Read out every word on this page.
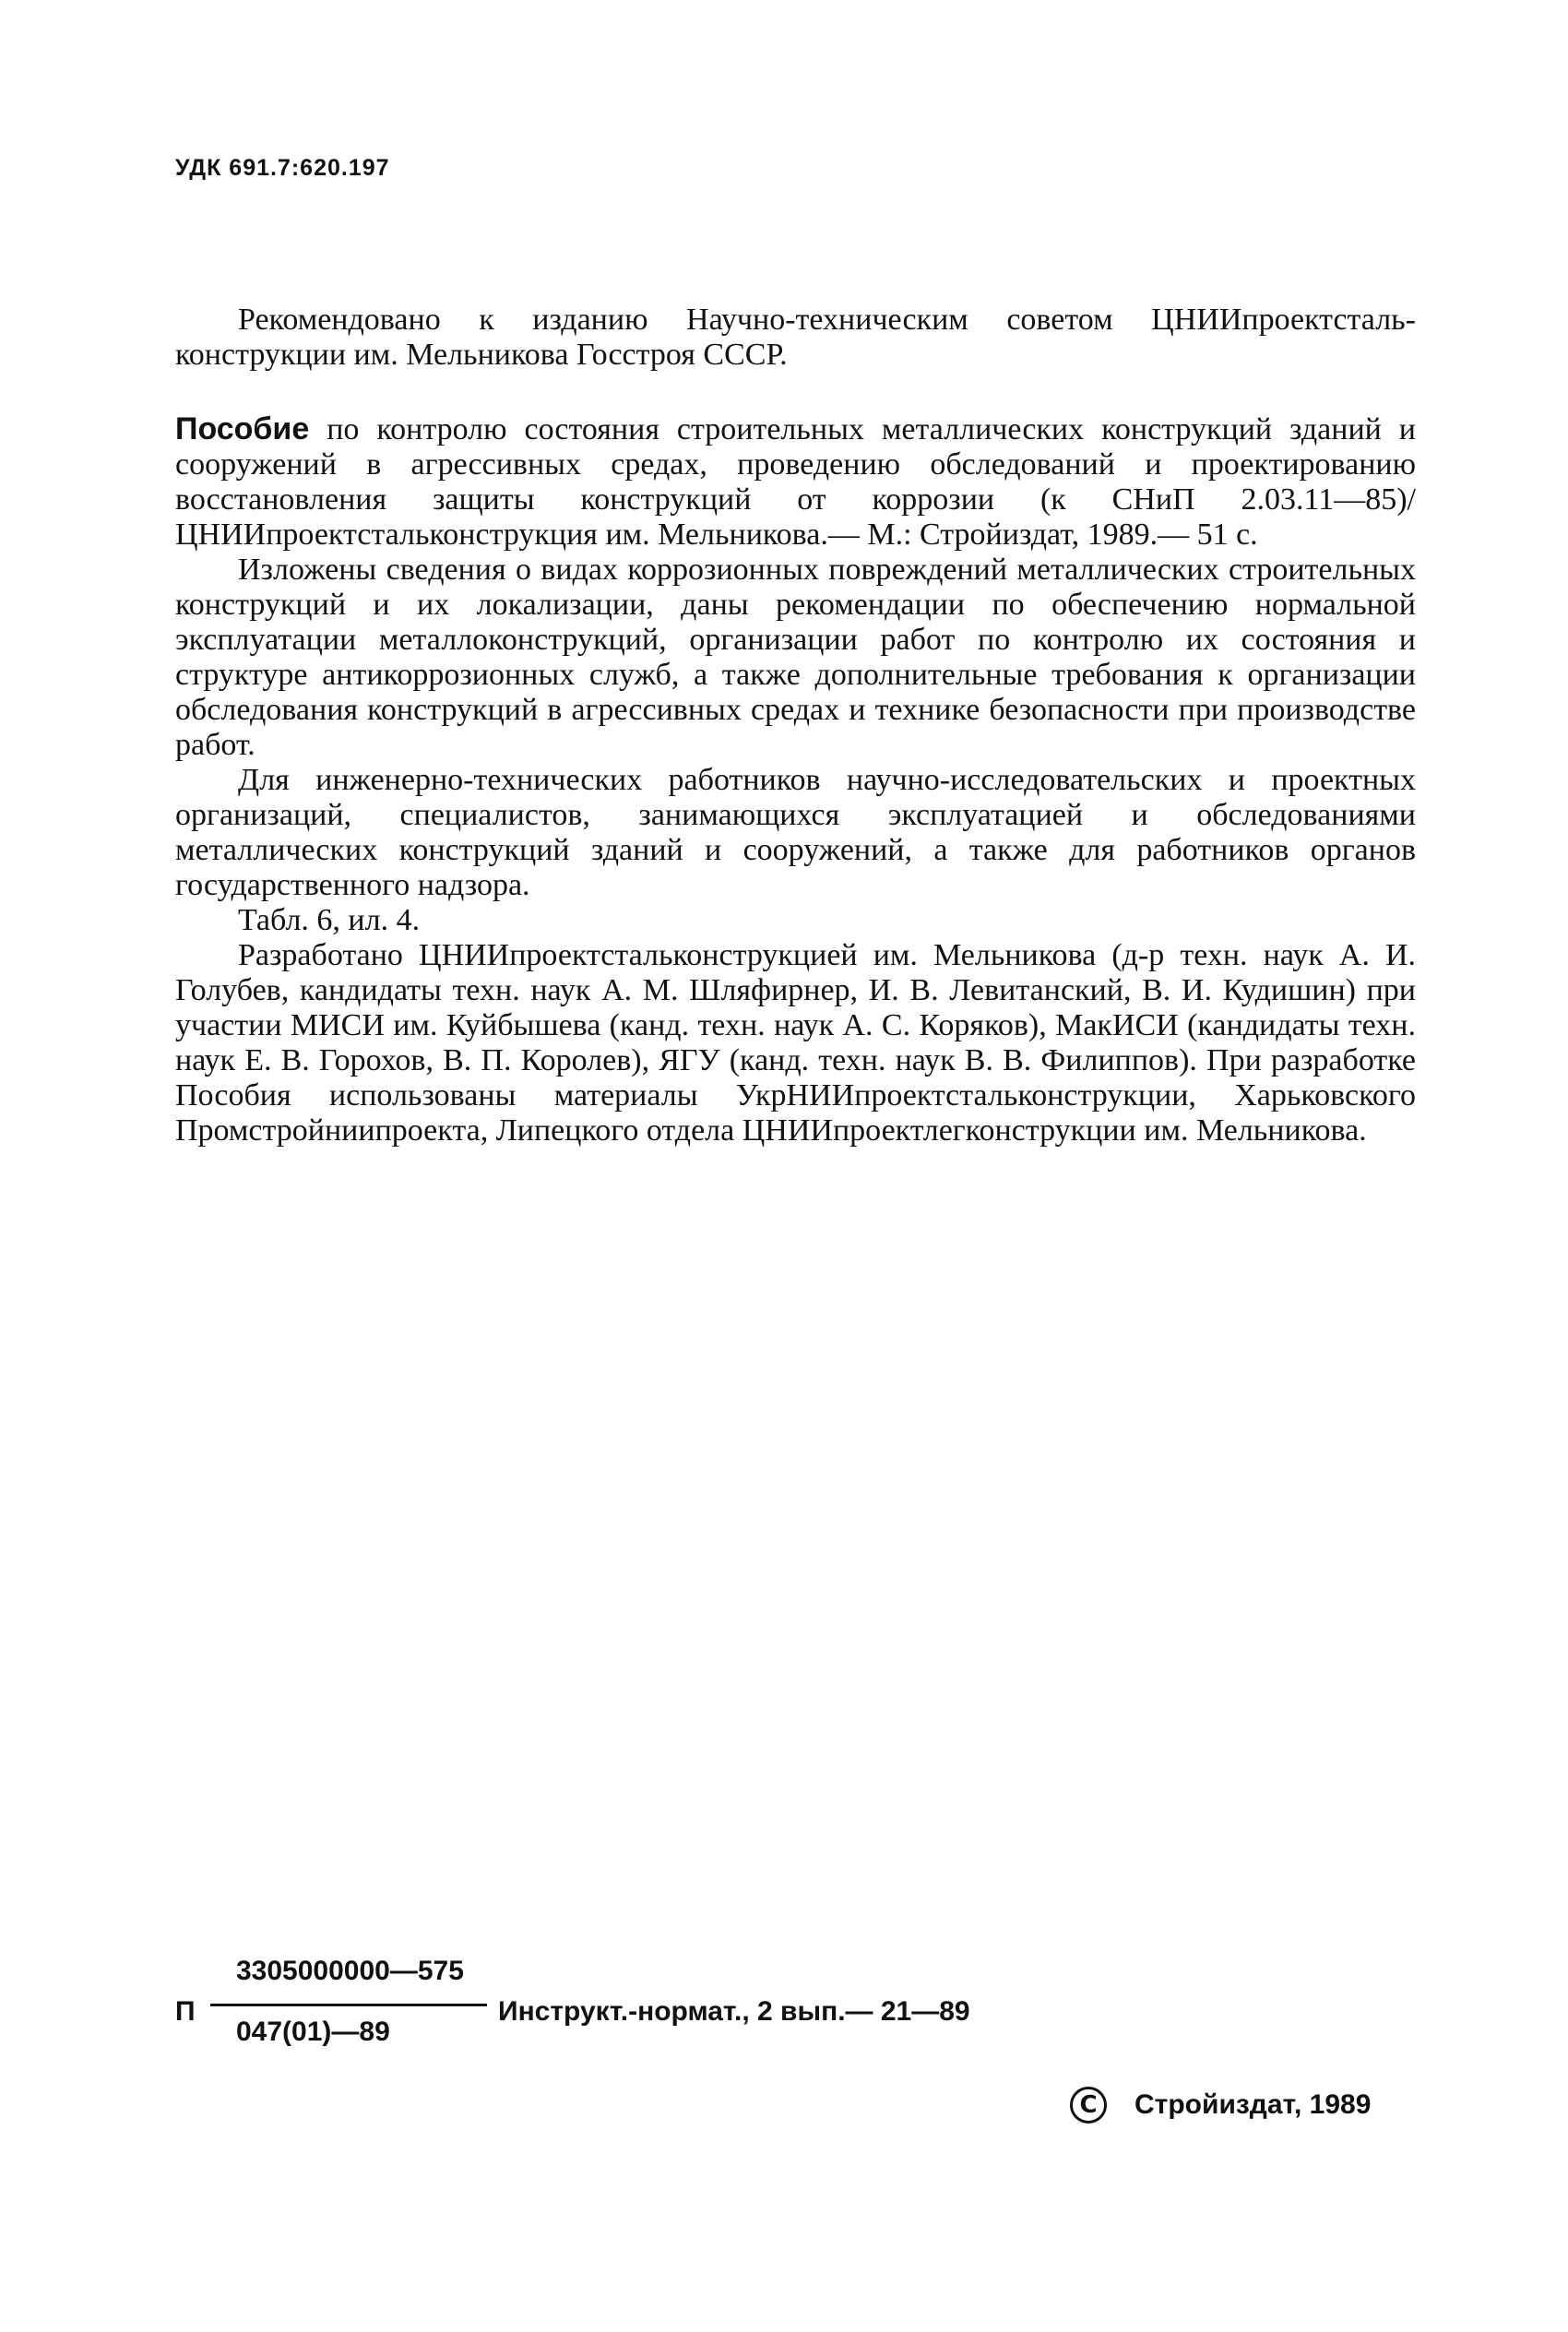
УДК 691.7:620.197

Рекомендовано к изданию Научно-техническим советом ЦНИИпроектсталь-конструкции им. Мельникова Госстроя СССР.

Пособие по контролю состояния строительных металлических конструкций зданий и сооружений в агрессивных средах, проведению обследований и проектированию восстановления защиты конструкций от коррозии (к СНиП 2.03.11—85)/ЦНИИпроектстальконструкция им. Мельникова.— М.: Стройиздат, 1989.— 51 с.

Изложены сведения о видах коррозионных повреждений металлических строительных конструкций и их локализации, даны рекомендации по обеспечению нормальной эксплуатации металлоконструкций, организации работ по контролю их состояния и структуре антикоррозионных служб, а также дополнительные требования к организации обследования конструкций в агрессивных средах и технике безопасности при производстве работ.

Для инженерно-технических работников научно-исследовательских и проектных организаций, специалистов, занимающихся эксплуатацией и обследованиями металлических конструкций зданий и сооружений, а также для работников органов государственного надзора.

Табл. 6, ил. 4.

Разработано ЦНИИпроектстальконструкцией им. Мельникова (д-р техн. наук А. И. Голубев, кандидаты техн. наук А. М. Шляфирнер, И. В. Левитанский, В. И. Кудишин) при участии МИСИ им. Куйбышева (канд. техн. наук А. С. Коряков), МакИСИ (кандидаты техн. наук Е. В. Горохов, В. П. Королев), ЯГУ (канд. техн. наук В. В. Филиппов). При разработке Пособия использованы материалы УкрНИИпроектстальконструкции, Харьковского Промстройниипроекта, Липецкого отдела ЦНИИпроектлегконструкции им. Мельникова.

П
3305000000—575
047(01)—89
Инструкт.-нормат., 2 вып.— 21—89
C	Стройиздат, 1989
